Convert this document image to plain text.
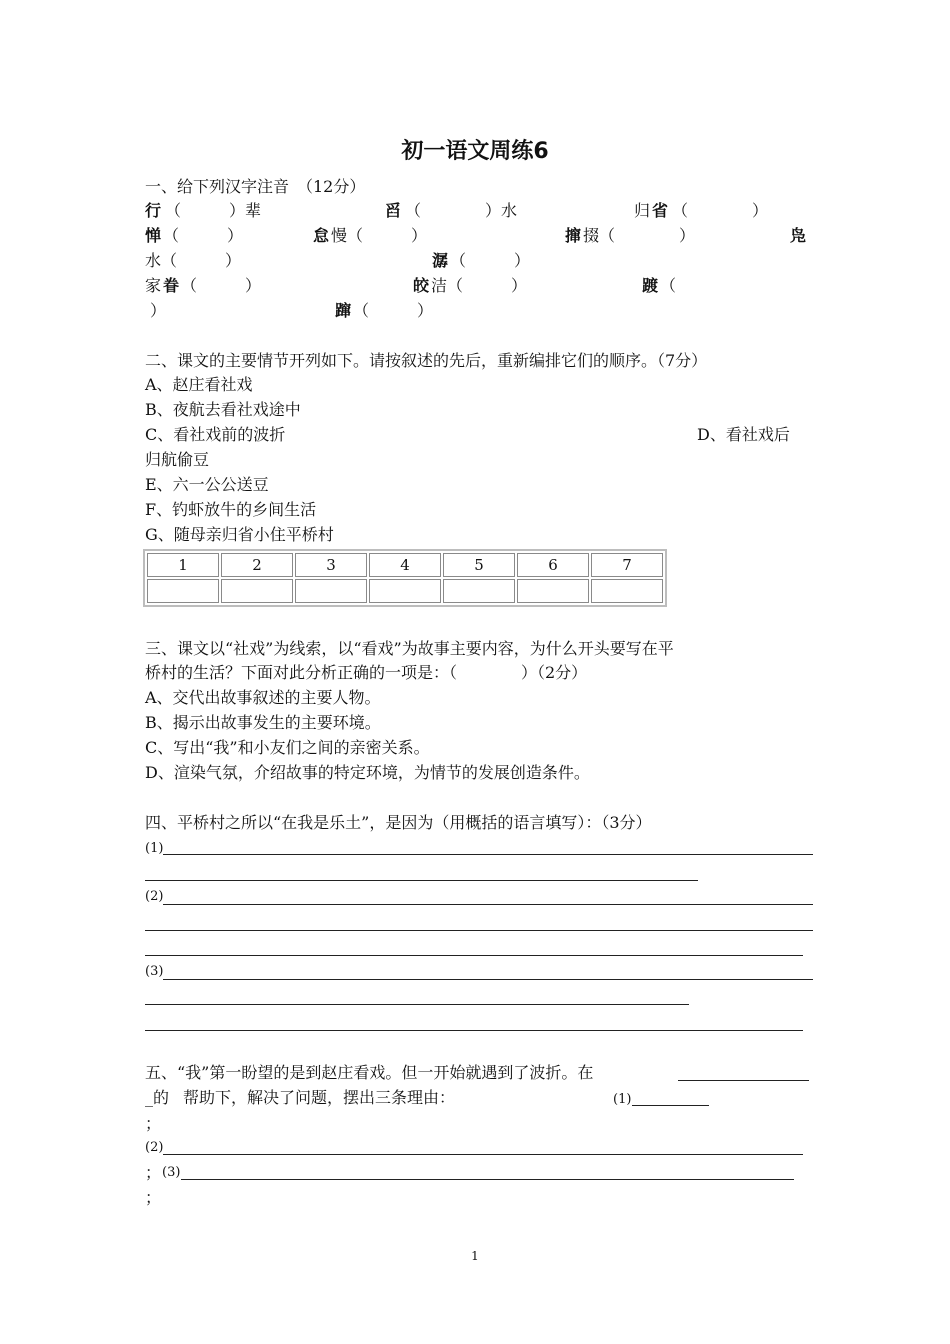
初一语文周练6
一、给下列汉字注音　（12分）
行 （　　　）辈	舀 （　　　　）水	归 省 （　　　　）
惮 （　　　）	怠 慢（　　　）	撺 掇（　　　　）	凫
水（　　　）	潺 （　　　）
家 眷 （　　　）	皎 洁（　　　）	踱 （
）	蹿 （　　　）
二、课文的主要情节开列如下。请按叙述的先后，重新编排它们的顺序。（7分）
A、赵庄看社戏
B、夜航去看社戏途中
C、看社戏前的波折	D、看社戏后
归航偷豆
E、六一公公送豆
F、钓虾放牛的乡间生活
G、随母亲归省小住平桥村
1	2	3	4	5	6	7

三、课文以“社戏”为线索，以“看戏”为故事主要内容，为什么开头要写在平
桥村的生活？下面对此分析正确的一项是：（　　　　）（2分）
A、交代出故事叙述的主要人物。
B、揭示出故事发生的主要环境。
C、写出“我”和小友们之间的亲密关系。
D、渲染气氛，介绍故事的特定环境，为情节的发展创造条件。
四、平桥村之所以“在我是乐土”，是因为（用概括的语言填写）：（3分）
(1)
(2)
(3)
五、“我”第一盼望的是到赵庄看戏。但一开始就遇到了波折。在
_的 帮助下，解决了问题，摆出三条理由：	(1)
；
(2)
； (3)
；
1
